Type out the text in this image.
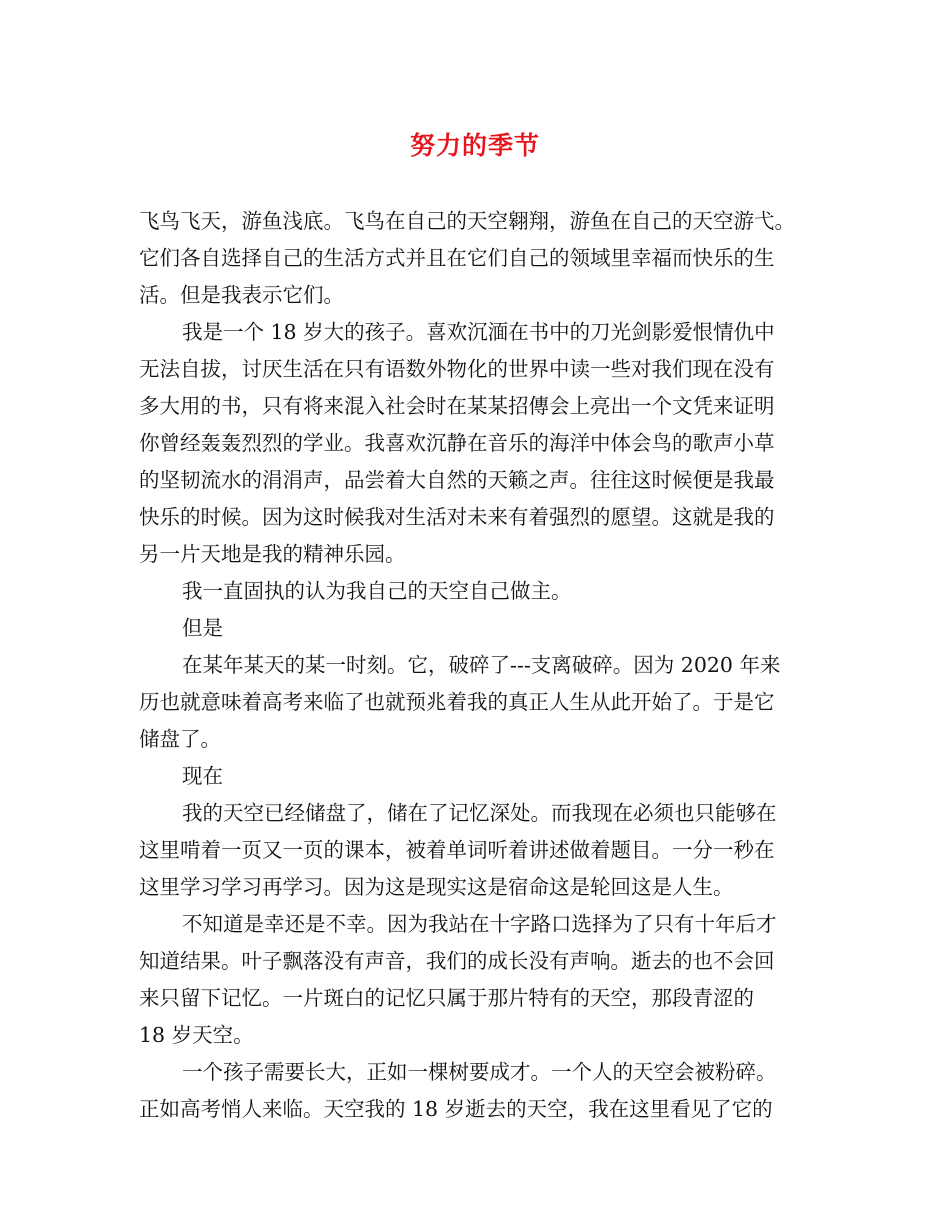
努力的季节

飞鸟飞天，游鱼浅底。飞鸟在自己的天空翱翔，游鱼在自己的天空游弋。
它们各自选择自己的生活方式并且在它们自己的领域里幸福而快乐的生
活。但是我表示它们。

我是一个 18 岁大的孩子。喜欢沉湎在书中的刀光剑影爱恨情仇中

无法自拔，讨厌生活在只有语数外物化的世界中读一些对我们现在没有
多大用的书，只有将来混入社会时在某某招傳会上亮出一个文凭来证明
你曾经轰轰烈烈的学业。我喜欢沉静在音乐的海洋中体会鸟的歌声小草
的坚韧流水的涓涓声，品尝着大自然的天籁之声。往往这时候便是我最
快乐的时候。因为这时候我对生活对未来有着强烈的愿望。这就是我的
另一片天地是我的精神乐园。

我一直固执的认为我自己的天空自己做主。

但是

在某年某天的某一时刻。它，破碎了---支离破碎。因为 2020 年来

历也就意味着高考来临了也就预兆着我的真正人生从此开始了。于是它
储盘了。

现在

我的天空已经储盘了，储在了记忆深处。而我现在必须也只能够在

这里啃着一页又一页的课本，被着单词听着讲述做着题目。一分一秒在
这里学习学习再学习。因为这是现实这是宿命这是轮回这是人生。

不知道是幸还是不幸。因为我站在十字路口选择为了只有十年后才

知道结果。叶子飘落没有声音，我们的成长没有声响。逝去的也不会回
来只留下记忆。一片斑白的记忆只属于那片特有的天空，那段青涩的
18 岁天空。

一个孩子需要长大，正如一棵树要成才。一个人的天空会被粉碎。

正如高考悄人来临。天空我的 18 岁逝去的天空，我在这里看见了它的
